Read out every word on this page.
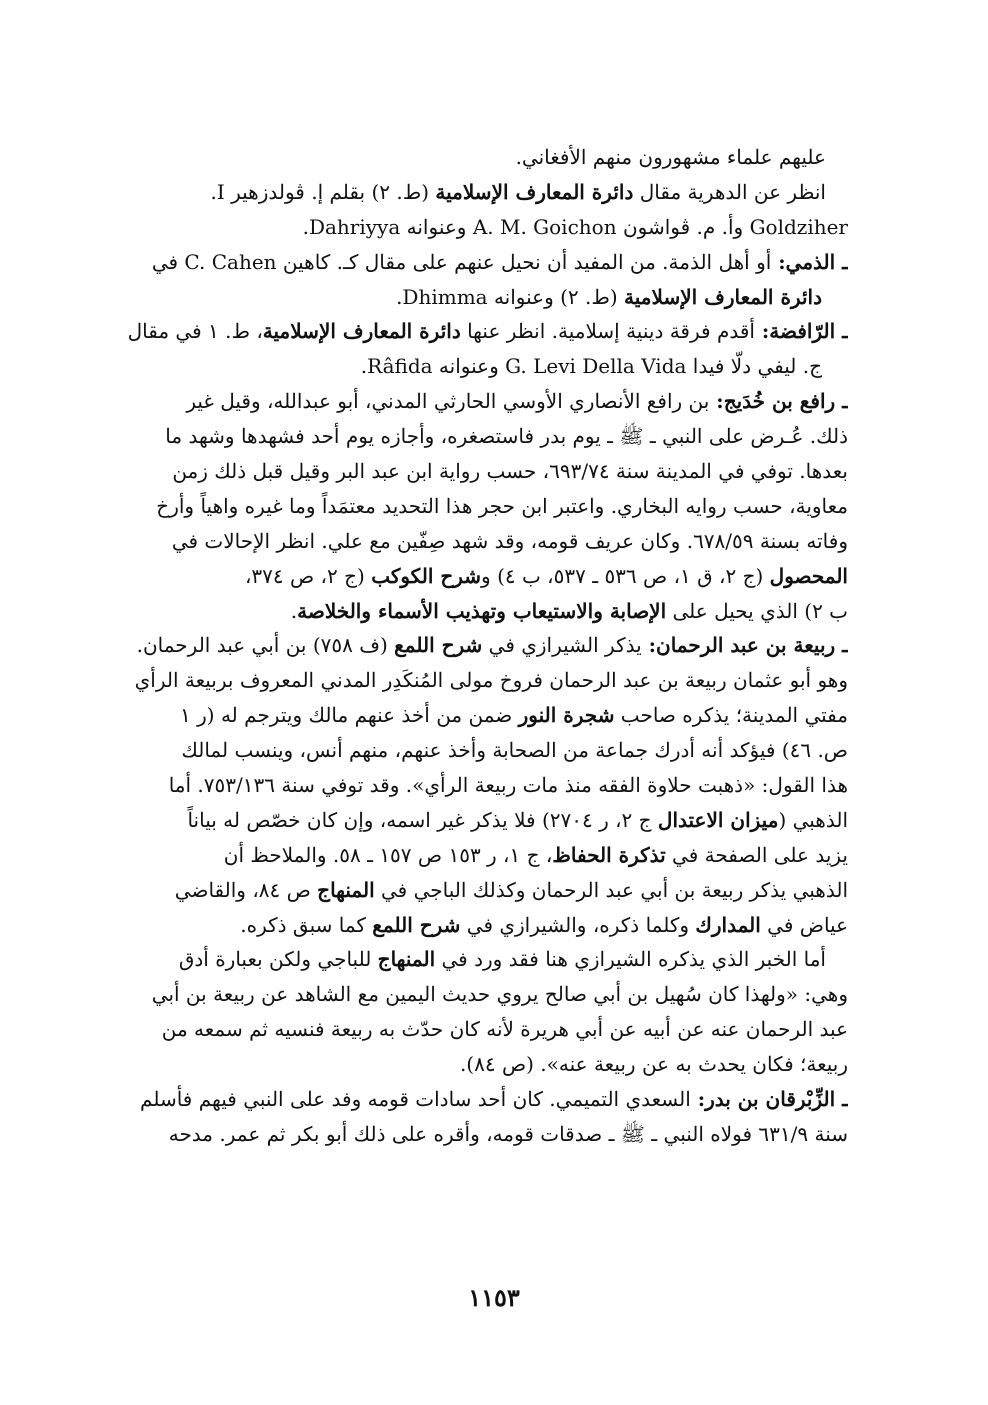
عليهم علماء مشهورون منهم الأفغاني.
انظر عن الدهرية مقال دائرة المعارف الإسلامية (ط. ٢) بقلم إ. ڤولدزهير I.
Goldziher وأ. م. ڤواشون A. M. Goichon وعنوانه Dahriyya.
ـ الذمي: أو أهل الذمة. من المفيد أن نحيل عنهم على مقال كـ. كاهين C. Cahen في
دائرة المعارف الإسلامية (ط. ٢) وعنوانه Dhimma.
ـ الرّافضة: أقدم فرقة دينية إسلامية. انظر عنها دائرة المعارف الإسلامية، ط. ١ في مقال
ج. ليفي دلّا فيدا G. Levi Della Vida وعنوانه Râfida.
ـ رافع بن خُدَيج: بن رافع الأنصاري الأوسي الحارثي المدني، أبو عبدالله، وقيل غير
ذلك. عُـرض على النبي ـ ﷺ ـ يوم بدر فاستصغره، وأجازه يوم أحد فشهدها وشهد ما
بعدها. توفي في المدينة سنة ٦٩٣/٧٤، حسب رواية ابن عبد البر وقيل قبل ذلك زمن
معاوية، حسب روايه البخاري. واعتبر ابن حجر هذا التحديد معتمَداً وما غيره واهياً وأرخ
وفاته بسنة ٦٧٨/٥٩. وكان عريف قومه، وقد شهد صِفّين مع علي. انظر الإحالات في
المحصول (ج ٢، ق ١، ص ٥٣٦ ـ ٥٣٧، ب ٤) وشرح الكوكب (ج ٢، ص ٣٧٤،
ب ٢) الذي يحيل على الإصابة والاستيعاب وتهذيب الأسماء والخلاصة.
ـ ربيعة بن عبد الرحمان: يذكر الشيرازي في شرح اللمع (ف ٧٥٨) بن أبي عبد الرحمان.
وهو أبو عثمان ربيعة بن عبد الرحمان فروخ مولى المُنكَدِر المدني المعروف بربيعة الرأي
مفتي المدينة؛ يذكره صاحب شجرة النور ضمن من أخذ عنهم مالك ويترجم له (ر ١
ص. ٤٦) فيؤكد أنه أدرك جماعة من الصحابة وأخذ عنهم، منهم أنس، وينسب لمالك
هذا القول: «ذهبت حلاوة الفقه منذ مات ربيعة الرأي». وقد توفي سنة ٧٥٣/١٣٦. أما
الذهبي (ميزان الاعتدال ج ٢، ر ٢٧٠٤) فلا يذكر غير اسمه، وإن كان خصّص له بياناً
يزيد على الصفحة في تذكرة الحفاظ، ج ١، ر ١٥٣ ص ١٥٧ ـ ٥٨. والملاحظ أن
الذهبي يذكر ربيعة بن أبي عبد الرحمان وكذلك الباجي في المنهاج ص ٨٤، والقاضي
عياض في المدارك وكلما ذكره، والشيرازي في شرح اللمع كما سبق ذكره.
أما الخبر الذي يذكره الشيرازي هنا فقد ورد في المنهاج للباجي ولكن بعبارة أدق
وهي: «ولهذا كان سُهيل بن أبي صالح يروي حديث اليمين مع الشاهد عن ربيعة بن أبي
عبد الرحمان عنه عن أبيه عن أبي هريرة لأنه كان حدّث به ربيعة فنسيه ثم سمعه من
ربيعة؛ فكان يحدث به عن ربيعة عنه». (ص ٨٤).
ـ الزِّبْرقان بن بدر: السعدي التميمي. كان أحد سادات قومه وفد على النبي فيهم فأسلم
سنة ٦٣١/٩ فولاه النبي ـ ﷺ ـ صدقات قومه، وأقره على ذلك أبو بكر ثم عمر. مدحه
١١٥٣
